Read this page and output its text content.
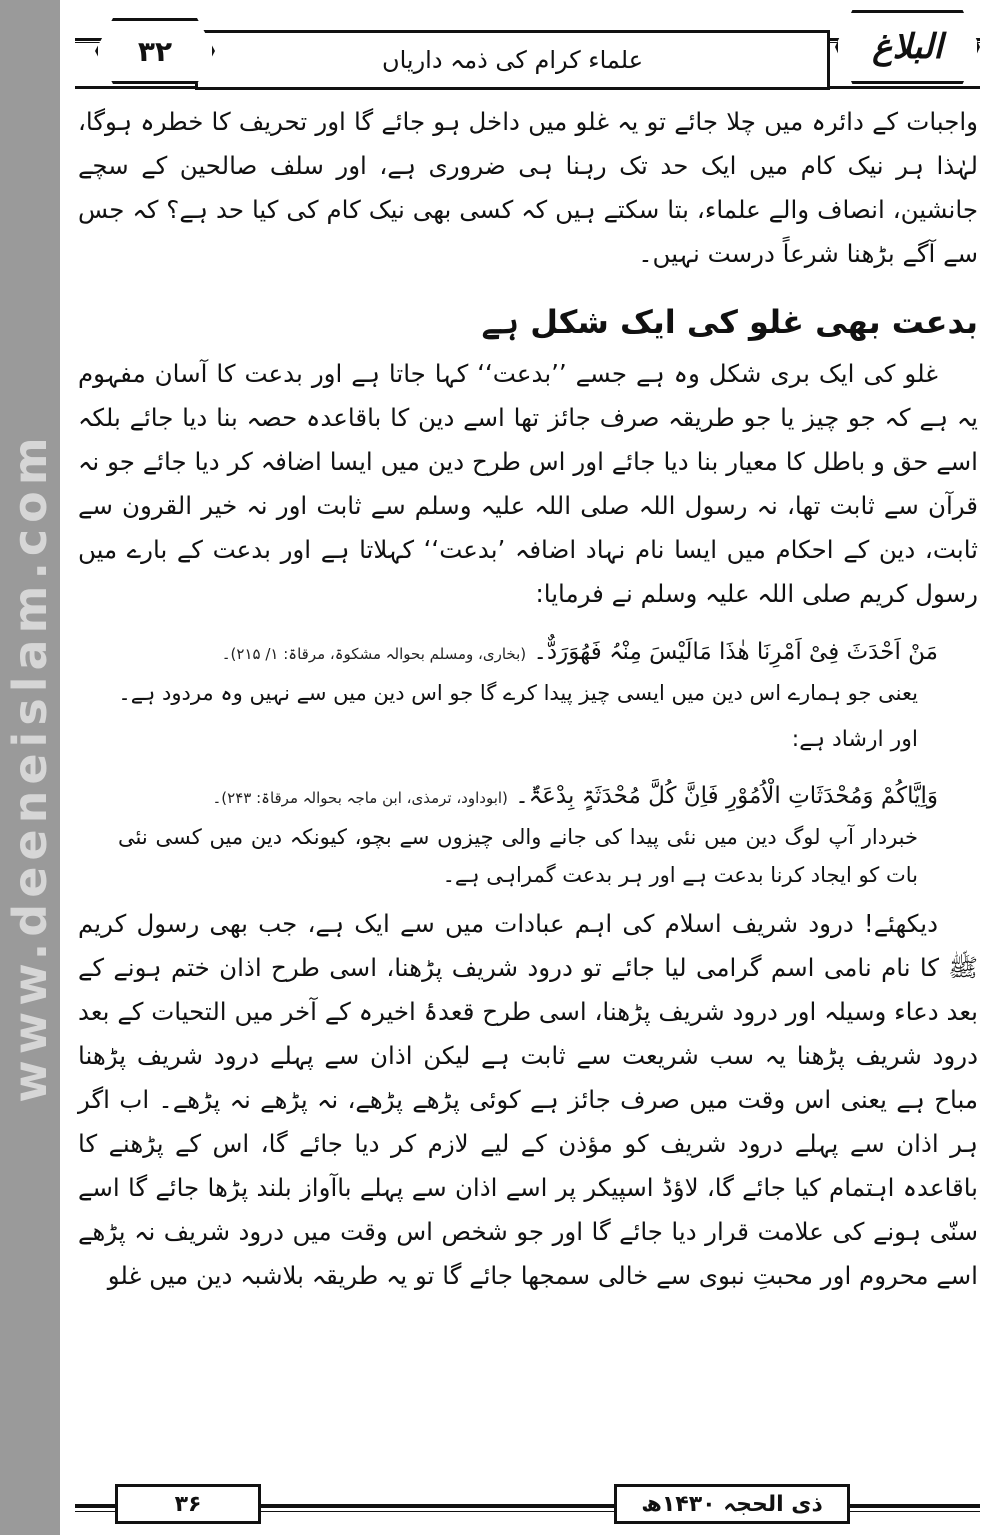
www.deeneislam.com
علماء کرام کی ذمہ داریاں
۳۲	البلاغ

واجبات کے دائرہ میں چلا جائے تو یہ غلو میں داخل ہو جائے گا اور تحریف کا خطرہ ہوگا، لہٰذا ہر نیک کام میں ایک حد تک رہنا ہی ضروری ہے، اور سلف صالحین کے سچے جانشین، انصاف والے علماء، بتا سکتے ہیں کہ کسی بھی نیک کام کی کیا حد ہے؟ کہ جس سے آگے بڑھنا شرعاً درست نہیں۔

بدعت بھی غلو کی ایک شکل ہے

غلو کی ایک بری شکل وہ ہے جسے ’’بدعت‘‘ کہا جاتا ہے اور بدعت کا آسان مفہوم یہ ہے کہ جو چیز یا جو طریقہ صرف جائز تھا اسے دین کا باقاعدہ حصہ بنا دیا جائے بلکہ اسے حق و باطل کا معیار بنا دیا جائے اور اس طرح دین میں ایسا اضافہ کر دیا جائے جو نہ قرآن سے ثابت تھا، نہ رسول اللہ صلی اللہ علیہ وسلم سے ثابت اور نہ خیر القرون سے ثابت، دین کے احکام میں ایسا نام نہاد اضافہ ’بدعت‘‘ کہلاتا ہے اور بدعت کے بارے میں رسول کریم صلی اللہ علیہ وسلم نے فرمایا:

مَنْ اَحْدَثَ فِیْ اَمْرِنَا ھٰذَا مَالَیْسَ مِنْہُ فَھُوَرَدٌّ۔ (بخاری، ومسلم بحوالہ مشکوۃ، مرقاۃ: ۱/ ۲۱۵)۔
یعنی جو ہمارے اس دین میں ایسی چیز پیدا کرے گا جو اس دین میں سے نہیں وہ مردود ہے۔
اور ارشاد ہے:
وَاِیَّاکُمْ وَمُحْدَثَاتِ الْاُمُوْرِ فَاِنَّ کُلَّ مُحْدَثَۃٍ بِدْعَۃٌ۔ (ابوداود، ترمذی، ابن ماجہ بحوالہ مرقاۃ: ۲۴۳)۔
خبردار آپ لوگ دین میں نئی پیدا کی جانے والی چیزوں سے بچو، کیونکہ دین میں کسی نئی بات کو ایجاد کرنا بدعت ہے اور ہر بدعت گمراہی ہے۔

دیکھئے! درود شریف اسلام کی اہم عبادات میں سے ایک ہے، جب بھی رسول کریم ﷺ کا نام نامی اسم گرامی لیا جائے تو درود شریف پڑھنا، اسی طرح اذان ختم ہونے کے بعد دعاء وسیلہ اور درود شریف پڑھنا، اسی طرح قعدۂ اخیرہ کے آخر میں التحیات کے بعد درود شریف پڑھنا یہ سب شریعت سے ثابت ہے لیکن اذان سے پہلے درود شریف پڑھنا مباح ہے یعنی اس وقت میں صرف جائز ہے کوئی پڑھے پڑھے، نہ پڑھے نہ پڑھے۔ اب اگر ہر اذان سے پہلے درود شریف کو مؤذن کے لیے لازم کر دیا جائے گا، اس کے پڑھنے کا باقاعدہ اہتمام کیا جائے گا، لاؤڈ اسپیکر پر اسے اذان سے پہلے باآواز بلند پڑھا جائے گا اسے سنّی ہونے کی علامت قرار دیا جائے گا اور جو شخص اس وقت میں درود شریف نہ پڑھے اسے محروم اور محبتِ نبوی سے خالی سمجھا جائے گا تو یہ طریقہ بلاشبہ دین میں غلو

۳۶	ذی الحجہ ۱۴۳۰ھ
